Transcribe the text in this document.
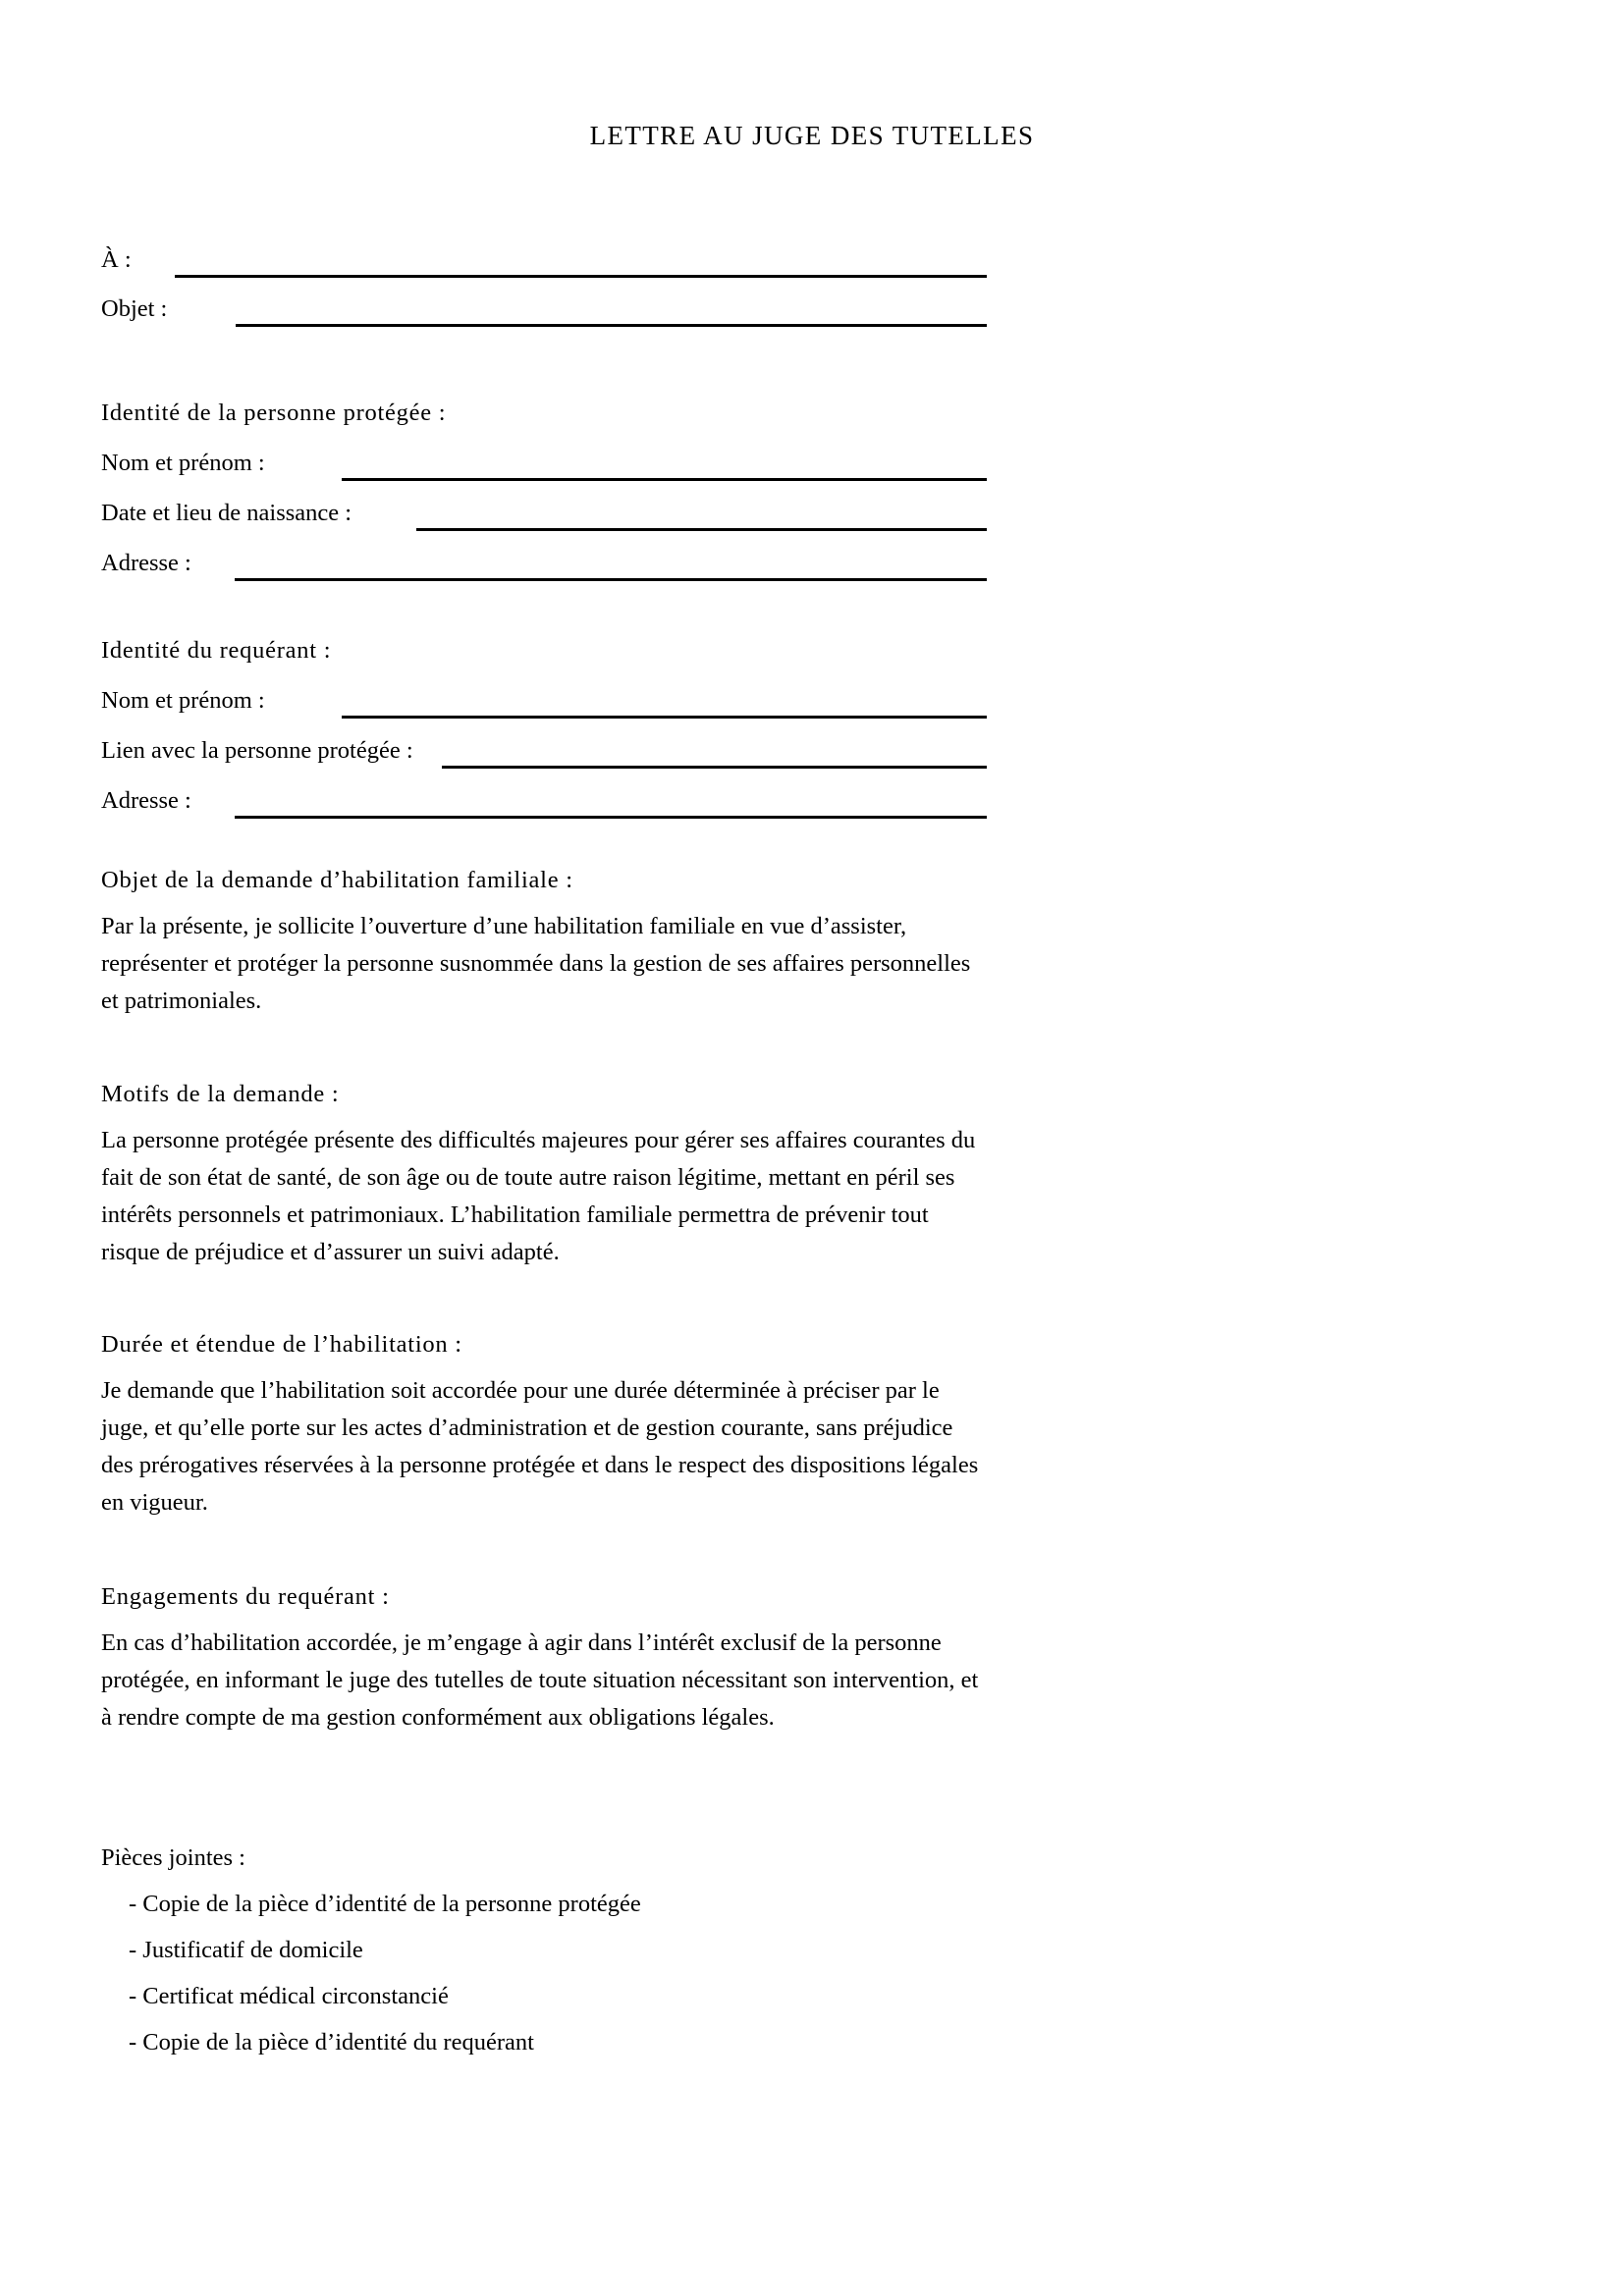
LETTRE AU JUGE DES TUTELLES
À :
Objet :
Identité de la personne protégée :
Nom et prénom :
Date et lieu de naissance :
Adresse :
Identité du requérant :
Nom et prénom :
Lien avec la personne protégée :
Adresse :
Objet de la demande d’habilitation familiale :

Par la présente, je sollicite l’ouverture d’une habilitation familiale en vue d’assister, représenter et protéger la personne susnommée dans la gestion de ses affaires personnelles et patrimoniales.

Motifs de la demande :

La personne protégée présente des difficultés majeures pour gérer ses affaires courantes du fait de son état de santé, de son âge ou de toute autre raison légitime, mettant en péril ses intérêts personnels et patrimoniaux. L’habilitation familiale permettra de prévenir tout risque de préjudice et d’assurer un suivi adapté.

Durée et étendue de l’habilitation :

Je demande que l’habilitation soit accordée pour une durée déterminée à préciser par le juge, et qu’elle porte sur les actes d’administration et de gestion courante, sans préjudice des prérogatives réservées à la personne protégée et dans le respect des dispositions légales en vigueur.

Engagements du requérant :

En cas d’habilitation accordée, je m’engage à agir dans l’intérêt exclusif de la personne protégée, en informant le juge des tutelles de toute situation nécessitant son intervention, et à rendre compte de ma gestion conformément aux obligations légales.

Pièces jointes :
- Copie de la pièce d’identité de la personne protégée
- Justificatif de domicile
- Certificat médical circonstancié
- Copie de la pièce d’identité du requérant
